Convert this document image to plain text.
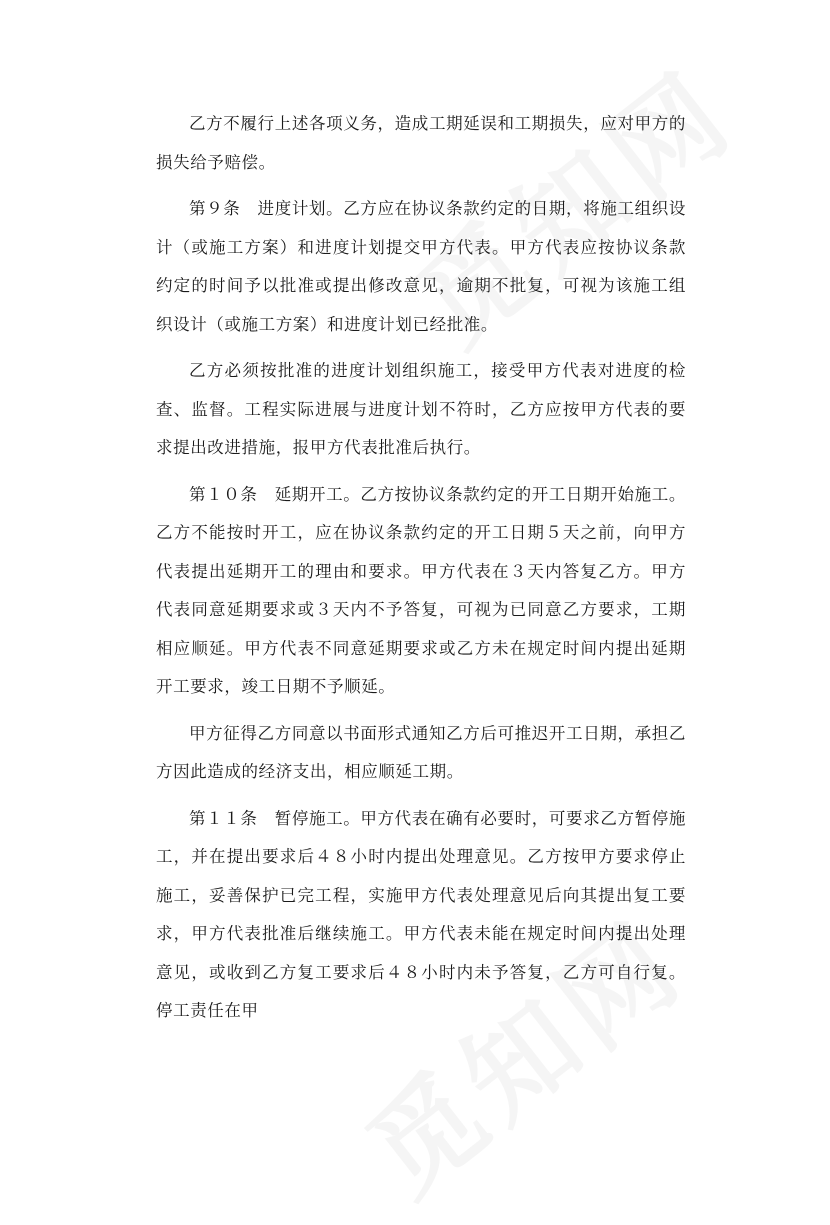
乙方不履行上述各项义务，造成工期延误和工期损失，应对甲方的损失给予赔偿。

第９条　进度计划。乙方应在协议条款约定的日期，将施工组织设计（或施工方案）和进度计划提交甲方代表。甲方代表应按协议条款约定的时间予以批准或提出修改意见，逾期不批复，可视为该施工组织设计（或施工方案）和进度计划已经批准。

乙方必须按批准的进度计划组织施工，接受甲方代表对进度的检查、监督。工程实际进展与进度计划不符时，乙方应按甲方代表的要求提出改进措施，报甲方代表批准后执行。

第１０条　延期开工。乙方按协议条款约定的开工日期开始施工。乙方不能按时开工，应在协议条款约定的开工日期５天之前，向甲方代表提出延期开工的理由和要求。甲方代表在３天内答复乙方。甲方代表同意延期要求或３天内不予答复，可视为已同意乙方要求，工期相应顺延。甲方代表不同意延期要求或乙方未在规定时间内提出延期开工要求，竣工日期不予顺延。

甲方征得乙方同意以书面形式通知乙方后可推迟开工日期，承担乙方因此造成的经济支出，相应顺延工期。

第１１条　暂停施工。甲方代表在确有必要时，可要求乙方暂停施工，并在提出要求后４８小时内提出处理意见。乙方按甲方要求停止施工，妥善保护已完工程，实施甲方代表处理意见后向其提出复工要求，甲方代表批准后继续施工。甲方代表未能在规定时间内提出处理意见，或收到乙方复工要求后４８小时内未予答复，乙方可自行复。停工责任在甲
